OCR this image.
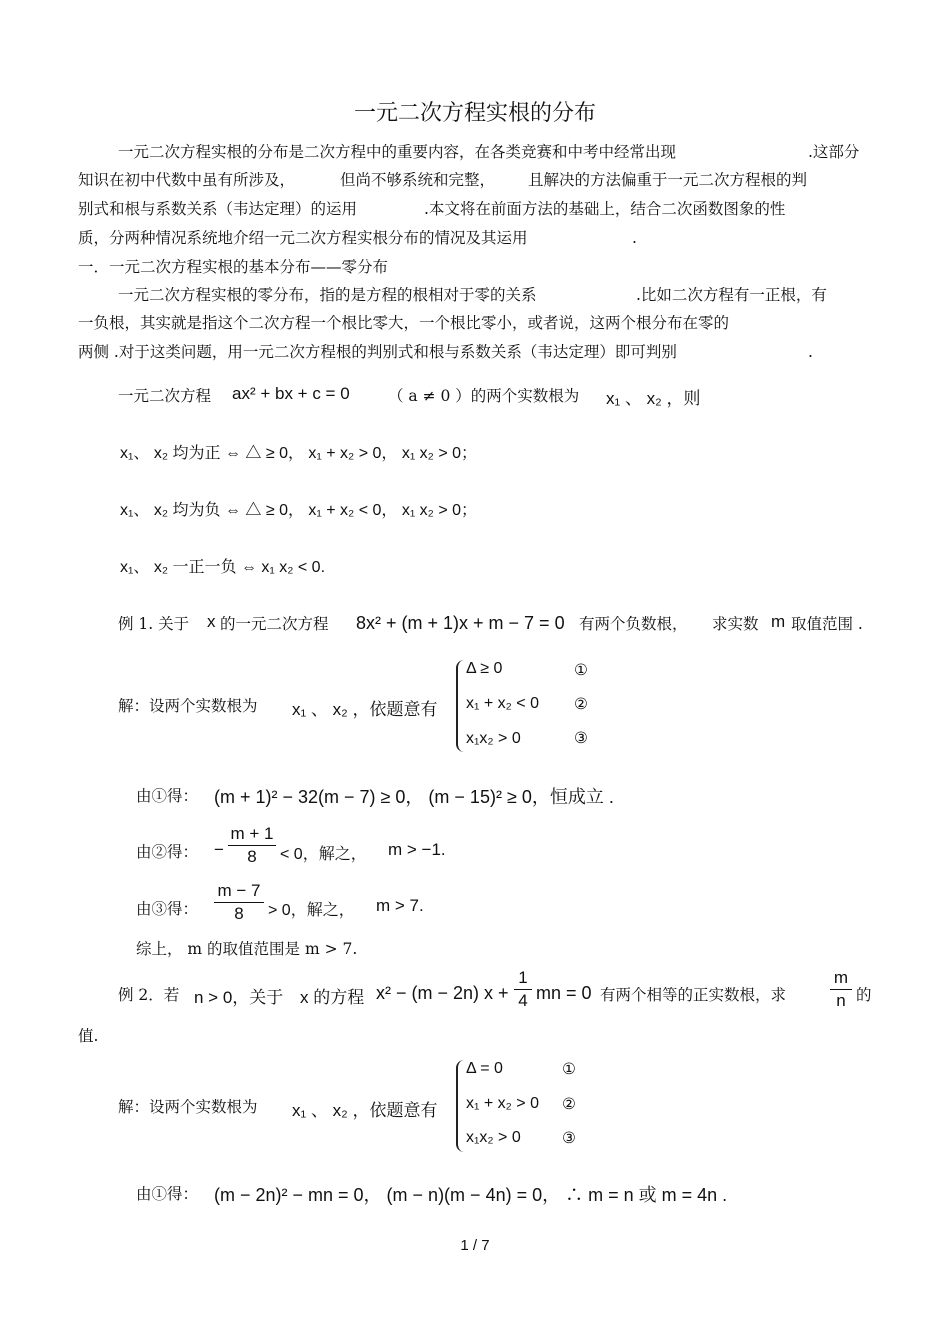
一元二次方程实根的分布
一元二次方程实根的分布是二次方程中的重要内容，在各类竞赛和中考中经常出现	.这部分
知识在初中代数中虽有所涉及，	但尚不够系统和完整， 且解决的方法偏重于一元二次方程根的判
别式和根与系数关系（韦达定理）的运用	.本文将在前面方法的基础上，结合二次函数图象的性
质，分两种情况系统地介绍一元二次方程实根分布的情况及其运用	.
一．一元二次方程实根的基本分布——零分布
一元二次方程实根的零分布，指的是方程的根相对于零的关系	.比如二次方程有一正根，有
一负根，其实就是指这个二次方程一个根比零大，一个根比零小，或者说，这两个根分布在零的
两侧 .对于这类问题，用一元二次方程根的判别式和根与系数关系（韦达定理）即可判别	.
一元二次方程 ax² + bx + c = 0 （ a ≠ 0 ）的两个实数根为 x₁ 、 x₂ ，则
x₁、 x₂ 均为正 ⇔ △ ≥ 0， x₁ + x₂ > 0， x₁ x₂ > 0；
x₁、 x₂ 均为负 ⇔ △ ≥ 0， x₁ + x₂ < 0， x₁ x₂ > 0；
x₁、 x₂ 一正一负 ⇔ x₁ x₂ < 0.
例 1. 关于 x 的一元二次方程 8x² + (m + 1)x + m − 7 = 0 有两个负数根， 求实数 m 取值范围 .
解：设两个实数根为 x₁ 、 x₂ ，依题意有
Δ ≥ 0
x₁ + x₂ < 0
x₁x₂ > 0
①
②
③
由①得： (m + 1)² − 32(m − 7) ≥ 0， (m − 15)² ≥ 0，恒成立 .
由②得： −
m + 1
8	< 0，解之， m > −1.
由③得：
m − 7
8	> 0，解之， m > 7.
综上， m 的取值范围是 m > 7.
例 2．若 n > 0，关于 x 的方程 x² − (m − 2n) x +
1
4 mn = 0 有两个相等的正实数根，求
m
n 的
值.
解：设两个实数根为 x₁ 、 x₂ ，依题意有
Δ = 0
x₁ + x₂ > 0
x₁x₂ > 0
①
②
③
由①得： (m − 2n)² − mn = 0， (m − n)(m − 4n) = 0， ∴ m = n 或 m = 4n .
1 / 7
